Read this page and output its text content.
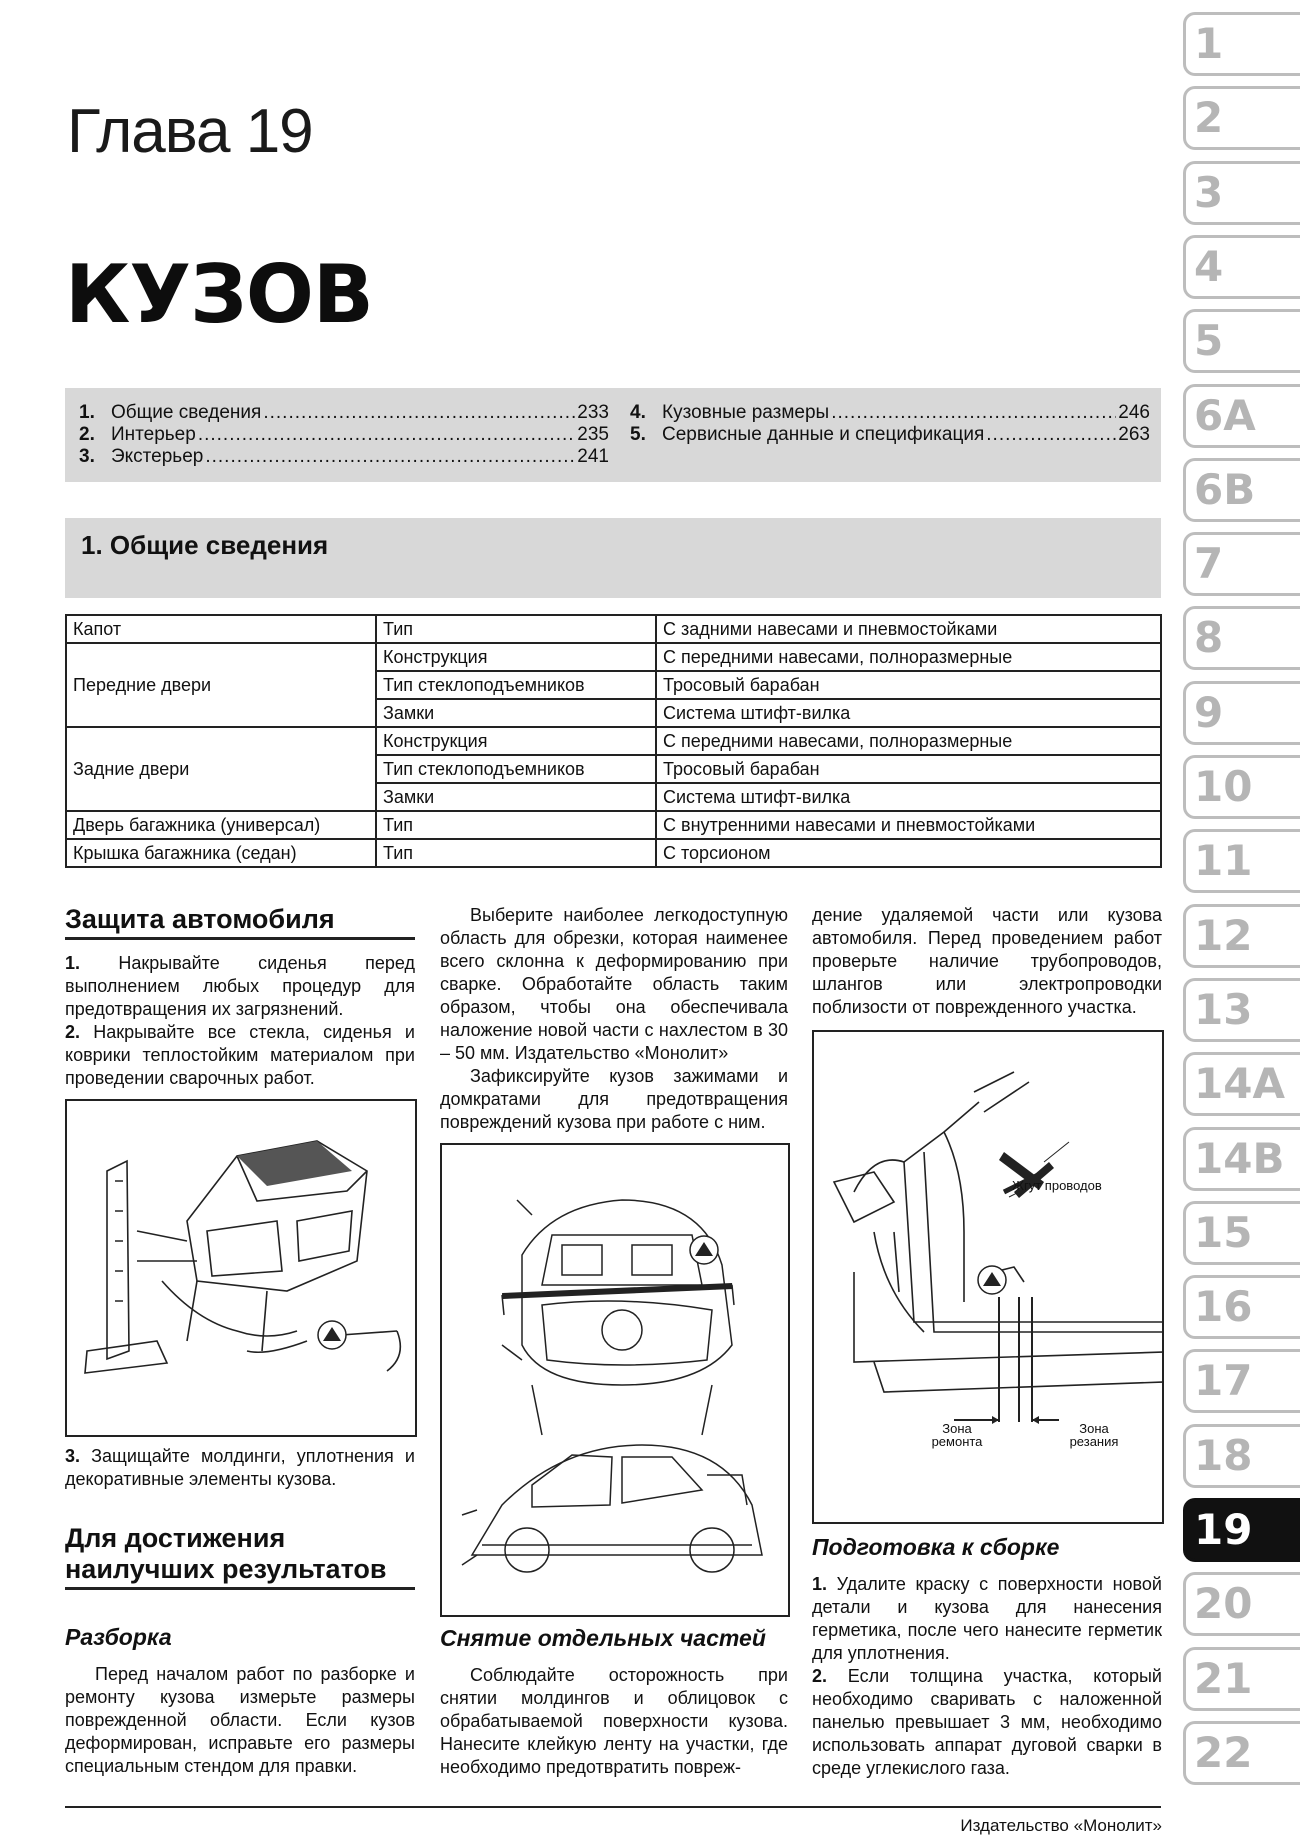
Глава 19
КУЗОВ
1. Общие сведения .....	233
2. Интерьер .....	235
3. Экстерьер .....	241
4. Кузовные размеры .....	246
5. Сервисные данные и спецификация .....	263
1. Общие сведения
Капот	Тип	С задними навесами и пневмостойками
Передние двери	Конструкция	С передними навесами, полноразмерные
	Тип стеклоподъемников	Тросовый барабан
	Замки	Система штифт-вилка
Задние двери	Конструкция	С передними навесами, полноразмерные
	Тип стеклоподъемников	Тросовый барабан
	Замки	Система штифт-вилка
Дверь багажника (универсал)	Тип	С внутренними навесами и пневмостойками
Крышка багажника (седан)	Тип	С торсионом
Защита автомобиля
1. Накрывайте сиденья перед выполнением любых процедур для предотвращения их загрязнений.
2. Накрывайте все стекла, сиденья и коврики теплостойким материалом при проведении сварочных работ.
3. Защищайте молдинги, уплотнения и декоративные элементы кузова.
Для достижения
наилучших результатов
Разборка
Перед началом работ по разборке и ремонту кузова измерьте размеры поврежденной области. Если кузов деформирован, исправьте его размеры специальным стендом для правки.
Выберите наиболее легкодоступную область для обрезки, которая наименее всего склонна к деформированию при сварке. Обработайте область таким образом, чтобы она обеспечивала наложение новой части с нахлестом в 30 – 50 мм. Издательство «Монолит»
Зафиксируйте кузов зажимами и домкратами для предотвращения повреждений кузова при работе с ним.
Снятие отдельных частей
Соблюдайте осторожность при снятии молдингов и облицовок с обрабатываемой поверхности кузова. Нанесите клейкую ленту на участки, где необходимо предотвратить повреж-
дение удаляемой части или кузова автомобиля. Перед проведением работ проверьте наличие трубопроводов, шлангов или электропроводки поблизости от поврежденного участка.
Жгут проводов
Зона ремонта
Зона резания
Подготовка к сборке
1. Удалите краску с поверхности новой детали и кузова для нанесения герметика, после чего нанесите герметик для уплотнения.
2. Если толщина участка, который необходимо сваривать с наложенной панелью превышает 3 мм, необходимо использовать аппарат дуговой сварки в среде углекислого газа.
Издательство «Монолит»
1
2
3
4
5
6A
6B
7
8
9
10
11
12
13
14A
14B
15
16
17
18
19
20
21
22
